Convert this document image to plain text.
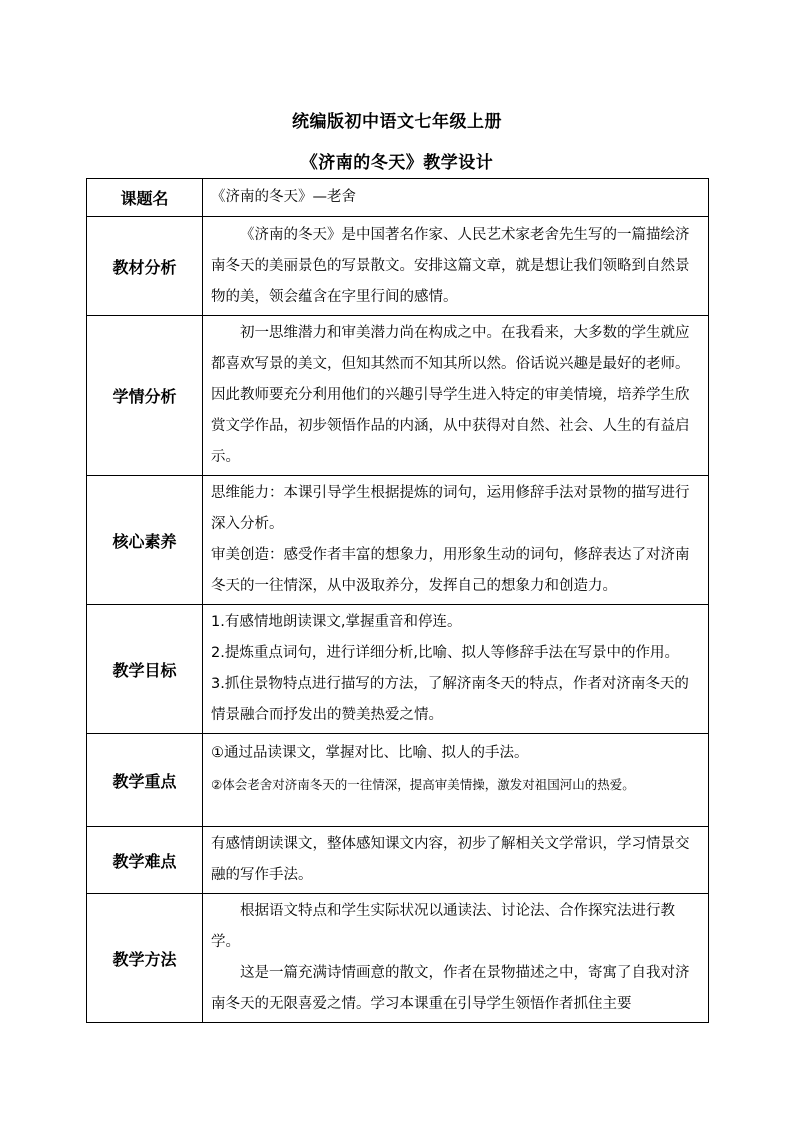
统编版初中语文七年级上册
《济南的冬天》教学设计
课题名	《济南的冬天》—老舍

教材分析	《济南的冬天》是中国著名作家、人民艺术家老舍先生写的一篇描绘济南冬天的美丽景色的写景散文。安排这篇文章，就是想让我们领略到自然景物的美，领会蕴含在字里行间的感情。

学情分析	初一思维潜力和审美潜力尚在构成之中。在我看来，大多数的学生就应都喜欢写景的美文，但知其然而不知其所以然。俗话说兴趣是最好的老师。因此教师要充分利用他们的兴趣引导学生进入特定的审美情境，培养学生欣赏文学作品，初步领悟作品的内涵，从中获得对自然、社会、人生的有益启示。

核心素养	思维能力：本课引导学生根据提炼的词句，运用修辞手法对景物的描写进行深入分析。

审美创造：感受作者丰富的想象力，用形象生动的词句，修辞表达了对济南冬天的一往情深，从中汲取养分，发挥自己的想象力和创造力。

教学目标	1.有感情地朗读课文,掌握重音和停连。

2.提炼重点词句，进行详细分析,比喻、拟人等修辞手法在写景中的作用。

3.抓住景物特点进行描写的方法，了解济南冬天的特点，作者对济南冬天的情景融合而抒发出的赞美热爱之情。

教学重点	①通过品读课文，掌握对比、比喻、拟人的手法。

②体会老舍对济南冬天的一往情深，提高审美情操，激发对祖国河山的热爱。

教学难点	有感情朗读课文，整体感知课文内容，初步了解相关文学常识，学习情景交融的写作手法。

教学方法	根据语文特点和学生实际状况以通读法、讨论法、合作探究法进行教学。

这是一篇充满诗情画意的散文，作者在景物描述之中，寄寓了自我对济南冬天的无限喜爱之情。学习本课重在引导学生领悟作者抓住主要
